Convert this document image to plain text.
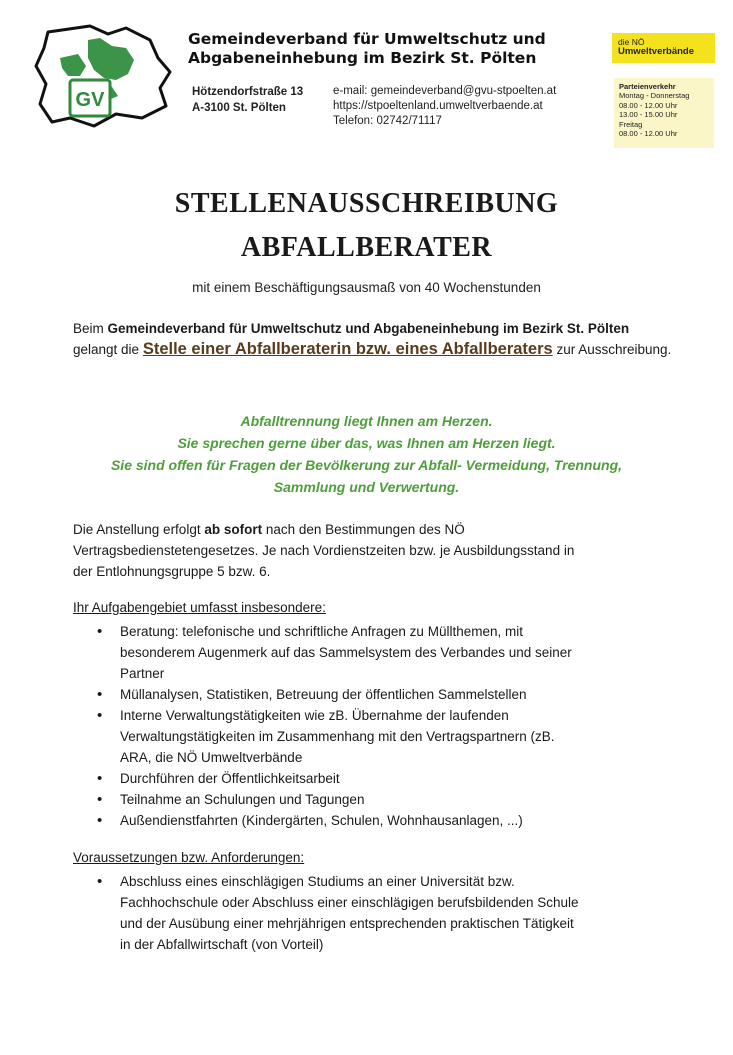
GV
Gemeindeverband für Umweltschutz und
Abgabeneinhebung im Bezirk St. Pölten
Hötzendorfstraße 13
A-3100 St. Pölten
e-mail: gemeindeverband@gvu-stpoelten.at
https://stpoeltenland.umweltverbaende.at
Telefon: 02742/71117
die NÖ
Umweltverbände
Parteienverkehr
Montag - Donnerstag
08.00 - 12.00 Uhr
13.00 - 15.00 Uhr
Freitag
08.00 - 12.00 Uhr
STELLENAUSSCHREIBUNG
ABFALLBERATER
mit einem Beschäftigungsausmaß von 40 Wochenstunden
Beim Gemeindeverband für Umweltschutz und Abgabeneinhebung im Bezirk St. Pölten gelangt die Stelle einer Abfallberaterin bzw. eines Abfallberaters zur Ausschreibung.
Abfalltrennung liegt Ihnen am Herzen.
Sie sprechen gerne über das, was Ihnen am Herzen liegt.
Sie sind offen für Fragen der Bevölkerung zur Abfall- Vermeidung, Trennung,
Sammlung und Verwertung.
Die Anstellung erfolgt ab sofort nach den Bestimmungen des NÖ
Vertragsbedienstetengesetzes. Je nach Vordienstzeiten bzw. je Ausbildungsstand in
der Entlohnungsgruppe 5 bzw. 6.
Ihr Aufgabengebiet umfasst insbesondere:
• Beratung: telefonische und schriftliche Anfragen zu Müllthemen, mit
besonderem Augenmerk auf das Sammelsystem des Verbandes und seiner
Partner
• Müllanalysen, Statistiken, Betreuung der öffentlichen Sammelstellen
• Interne Verwaltungstätigkeiten wie zB. Übernahme der laufenden
Verwaltungstätigkeiten im Zusammenhang mit den Vertragspartnern (zB.
ARA, die NÖ Umweltverbände
• Durchführen der Öffentlichkeitsarbeit
• Teilnahme an Schulungen und Tagungen
• Außendienstfahrten (Kindergärten, Schulen, Wohnhausanlagen, ...)
Voraussetzungen bzw. Anforderungen:
• Abschluss eines einschlägigen Studiums an einer Universität bzw.
Fachhochschule oder Abschluss einer einschlägigen berufsbildenden Schule
und der Ausübung einer mehrjährigen entsprechenden praktischen Tätigkeit
in der Abfallwirtschaft (von Vorteil)
